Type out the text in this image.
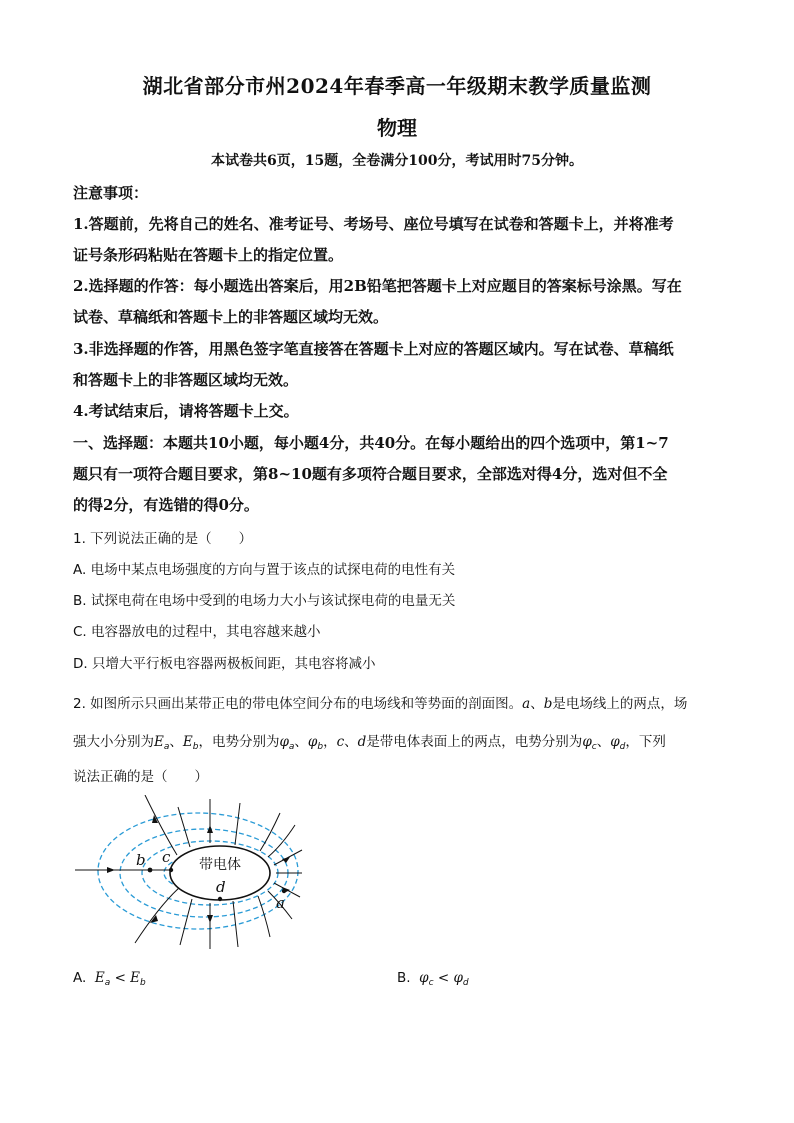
湖北省部分市州2024年春季高一年级期末教学质量监测
物理
本试卷共6页，15题，全卷满分100分，考试用时75分钟。
注意事项：
1.答题前，先将自己的姓名、准考证号、考场号、座位号填写在试卷和答题卡上，并将准考
证号条形码粘贴在答题卡上的指定位置。
2.选择题的作答：每小题选出答案后，用2B铅笔把答题卡上对应题目的答案标号涂黑。写在
试卷、草稿纸和答题卡上的非答题区域均无效。
3.非选择题的作答，用黑色签字笔直接答在答题卡上对应的答题区域内。写在试卷、草稿纸
和答题卡上的非答题区域均无效。
4.考试结束后，请将答题卡上交。
一、选择题：本题共10小题，每小题4分，共40分。在每小题给出的四个选项中，第1~7
题只有一项符合题目要求，第8~10题有多项符合题目要求，全部选对得4分，选对但不全
的得2分，有选错的得0分。
1. 下列说法正确的是（　　）
A. 电场中某点电场强度的方向与置于该点的试探电荷的电性有关
B. 试探电荷在电场中受到的电场力大小与该试探电荷的电量无关
C. 电容器放电的过程中，其电容越来越小
D. 只增大平行板电容器两极板间距，其电容将减小
2. 如图所示只画出某带正电的带电体空间分布的电场线和等势面的剖面图。a、b是电场线上的两点，场
强大小分别为$E_a$、$E_b$，电势分别为$\varphi_a$、$\varphi_b$，c、d是带电体表面上的两点，电势分别为$\varphi_c$、$\varphi_d$，下列
说法正确的是（　　）
带电体
b c
d
a
A. $E_a < E_b$	B. $\varphi_c < \varphi_d$
